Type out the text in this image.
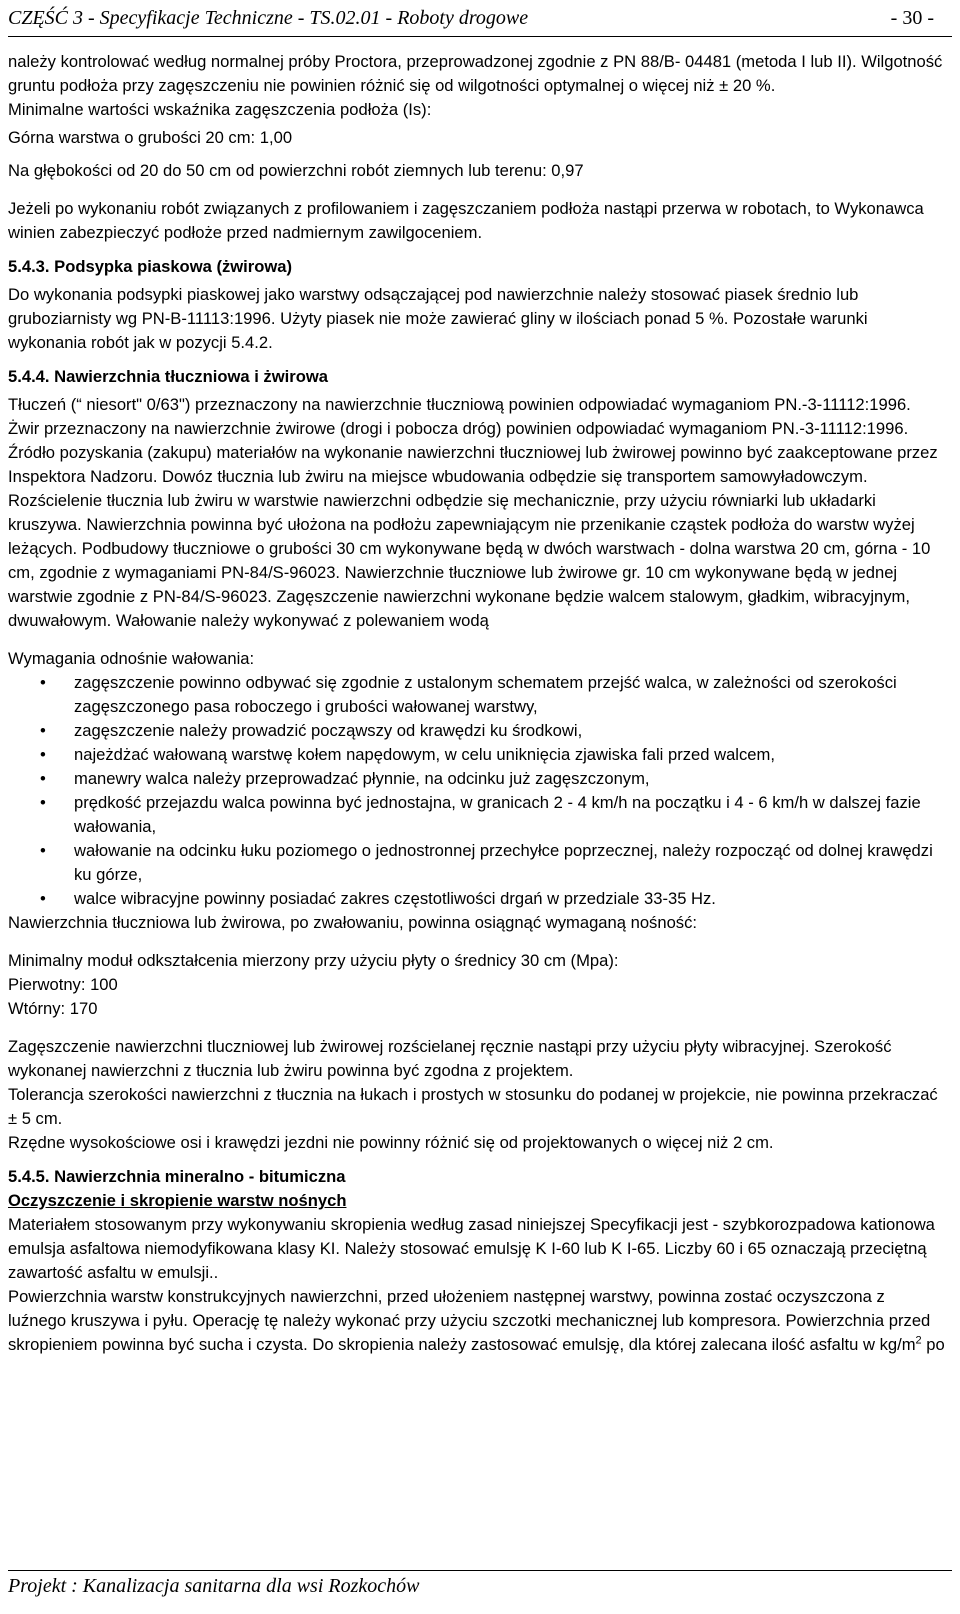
CZĘŚĆ 3 - Specyfikacje Techniczne - TS.02.01 - Roboty drogowe	- 30 -

należy kontrolować według normalnej próby Proctora, przeprowadzonej zgodnie z PN 88/B- 04481 (metoda I lub II). Wilgotność gruntu podłoża przy zagęszczeniu nie powinien różnić się od wilgotności optymalnej o więcej niż ± 20 %.

Minimalne wartości wskaźnika zagęszczenia podłoża (Is):

Górna warstwa o grubości 20 cm: 1,00

Na głębokości od 20 do 50 cm od powierzchni robót ziemnych lub terenu: 0,97

Jeżeli po wykonaniu robót związanych z profilowaniem i zagęszczaniem podłoża nastąpi przerwa w robotach, to Wykonawca winien zabezpieczyć podłoże przed nadmiernym zawilgoceniem.

5.4.3. Podsypka piaskowa (żwirowa)

Do wykonania podsypki piaskowej jako warstwy odsączającej pod nawierzchnie należy stosować piasek średnio lub gruboziarnisty wg PN-B-11113:1996. Użyty piasek nie może zawierać gliny w ilościach ponad 5 %. Pozostałe warunki wykonania robót jak w pozycji 5.4.2.

5.4.4. Nawierzchnia tłuczniowa i żwirowa

Tłuczeń (“ niesort" 0/63") przeznaczony na nawierzchnie tłuczniową powinien odpowiadać wymaganiom PN.-3-11112:1996.

Żwir przeznaczony na nawierzchnie żwirowe (drogi i pobocza dróg) powinien odpowiadać wymaganiom PN.-3-11112:1996.

Źródło pozyskania (zakupu) materiałów na wykonanie nawierzchni tłuczniowej lub żwirowej powinno być zaakceptowane przez Inspektora Nadzoru. Dowóz tłucznia lub żwiru na miejsce wbudowania odbędzie się transportem samowyładowczym. Rozścielenie tłucznia lub żwiru w warstwie nawierzchni odbędzie się mechanicznie, przy użyciu równiarki lub układarki kruszywa. Nawierzchnia powinna być ułożona na podłożu zapewniającym nie przenikanie cząstek podłoża do warstw wyżej leżących. Podbudowy tłuczniowe o grubości 30 cm wykonywane będą w dwóch warstwach - dolna warstwa 20 cm, górna - 10 cm, zgodnie z wymaganiami PN-84/S-96023. Nawierzchnie tłuczniowe lub żwirowe gr. 10 cm wykonywane będą w jednej warstwie zgodnie z PN-84/S-96023. Zagęszczenie nawierzchni wykonane będzie walcem stalowym, gładkim, wibracyjnym, dwuwałowym. Wałowanie należy wykonywać z polewaniem wodą

Wymagania odnośnie wałowania:

• zagęszczenie powinno odbywać się zgodnie z ustalonym schematem przejść walca, w zależności od szerokości zagęszczonego pasa roboczego i grubości wałowanej warstwy,
• zagęszczenie należy prowadzić począwszy od krawędzi ku środkowi,
• najeżdżać wałowaną warstwę kołem napędowym, w celu uniknięcia zjawiska fali przed walcem,
• manewry walca należy przeprowadzać płynnie, na odcinku już zagęszczonym,
• prędkość przejazdu walca powinna być jednostajna, w granicach 2 - 4 km/h na początku i 4 - 6 km/h w dalszej fazie wałowania,
• wałowanie na odcinku łuku poziomego o jednostronnej przechyłce poprzecznej, należy rozpocząć od dolnej krawędzi ku górze,
• walce wibracyjne powinny posiadać zakres częstotliwości drgań w przedziale 33-35 Hz.

Nawierzchnia tłuczniowa lub żwirowa, po zwałowaniu, powinna osiągnąć wymaganą nośność:

Minimalny moduł odkształcenia mierzony przy użyciu płyty o średnicy 30 cm (Mpa):

Pierwotny: 100

Wtórny: 170

Zagęszczenie nawierzchni tluczniowej lub żwirowej rozścielanej ręcznie nastąpi przy użyciu płyty wibracyjnej. Szerokość wykonanej nawierzchni z tłucznia lub żwiru powinna być zgodna z projektem.

Tolerancja szerokości nawierzchni z tłucznia na łukach i prostych w stosunku do podanej w projekcie, nie powinna przekraczać ± 5 cm.

Rzędne wysokościowe osi i krawędzi jezdni nie powinny różnić się od projektowanych o więcej niż 2 cm.

5.4.5. Nawierzchnia mineralno - bitumiczna

Oczyszczenie i skropienie warstw nośnych

Materiałem stosowanym przy wykonywaniu skropienia według zasad niniejszej Specyfikacji jest - szybkorozpadowa kationowa emulsja asfaltowa niemodyfikowana klasy KI. Należy stosować emulsję K I-60 lub K I-65. Liczby 60 i 65 oznaczają przeciętną zawartość asfaltu w emulsji..

Powierzchnia warstw konstrukcyjnych nawierzchni, przed ułożeniem następnej warstwy, powinna zostać oczyszczona z luźnego kruszywa i pyłu. Operację tę należy wykonać przy użyciu szczotki mechanicznej lub kompresora. Powierzchnia przed skropieniem powinna być sucha i czysta. Do skropienia należy zastosować emulsję, dla której zalecana ilość asfaltu w $kg/m^2$ po

Projekt : Kanalizacja sanitarna dla wsi Rozkochów
